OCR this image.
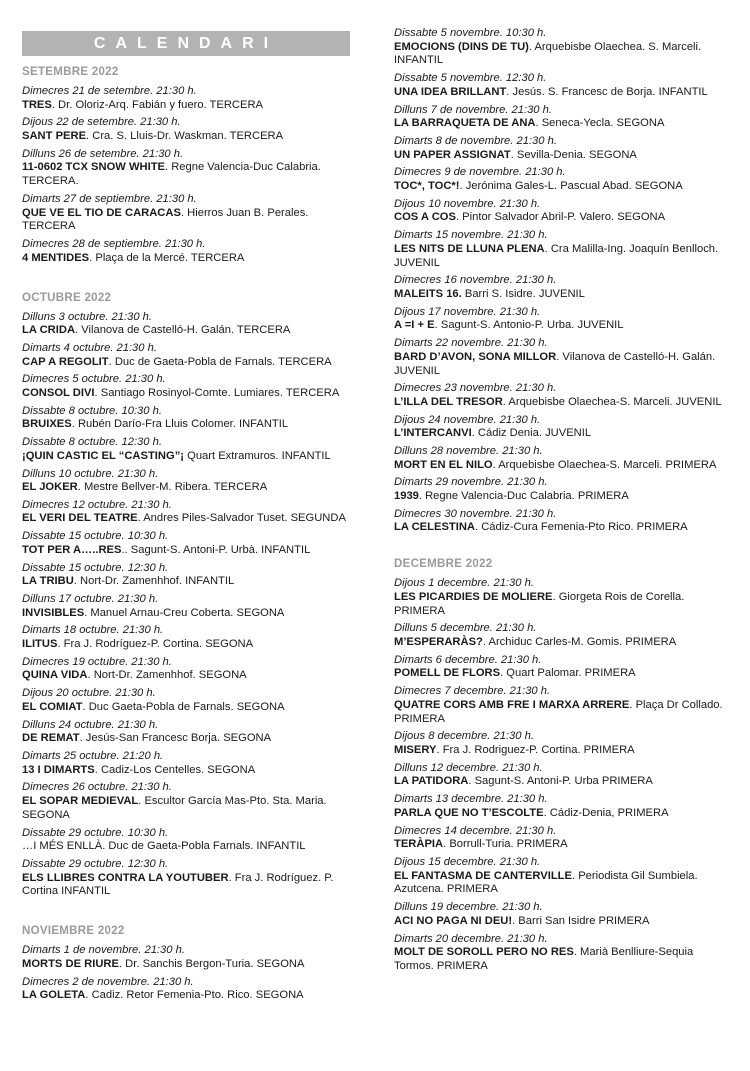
CALENDARI
SETEMBRE 2022
Dimecres 21 de setembre. 21:30 h.
TRES. Dr. Oloriz-Arq. Fabián y fuero. TERCERA
Dijous 22 de setembre. 21:30 h.
SANT PERE. Cra. S. Lluis-Dr. Waskman. TERCERA
Dilluns 26 de setembre. 21:30 h.
11-0602 TCX SNOW WHITE. Regne Valencia-Duc Calabria. TERCERA.
Dimarts 27 de septiembre. 21:30 h.
QUE VE EL TIO DE CARACAS. Hierros Juan B. Perales. TERCERA
Dimecres 28 de septiembre. 21:30 h.
4 MENTIDES. Plaça de la Mercé. TERCERA
OCTUBRE 2022
Dilluns 3 octubre. 21:30 h.
LA CRIDA. Vilanova de Castelló-H. Galán. TERCERA
Dimarts 4 octubre. 21:30 h.
CAP A REGOLIT. Duc de Gaeta-Pobla de Farnals. TERCERA
Dimecres 5 octubre. 21:30 h.
CONSOL DIVI. Santiago Rosinyol-Comte. Lumiares. TERCERA
Dissabte 8 octubre. 10:30 h.
BRUIXES. Rubén Darío-Fra Lluis Colomer. INFANTIL
Dissabte 8 octubre. 12:30 h.
¡QUIN CASTIC EL “CASTING”¡ Quart Extramuros. INFANTIL
Dilluns 10 octubre. 21:30 h.
EL JOKER. Mestre Bellver-M. Ribera. TERCERA
Dimecres 12 octubre. 21:30 h.
EL VERI DEL TEATRE. Andres Piles-Salvador Tuset. SEGUNDA
Dissabte 15 octubre. 10:30 h.
TOT PER A…..RES.. Sagunt-S. Antoni-P. Urbà. INFANTIL
Dissabte 15 octubre. 12:30 h.
LA TRIBU. Nort-Dr. Zamenhhof. INFANTIL
Dilluns 17 octubre. 21:30 h.
INVISIBLES. Manuel Arnau-Creu Coberta. SEGONA
Dimarts 18 octubre. 21:30 h.
ILITUS. Fra J. Rodríguez-P. Cortina. SEGONA
Dimecres 19 octubre. 21:30 h.
QUINA VIDA. Nort-Dr. Zamenhhof. SEGONA
Dijous 20 octubre. 21:30 h.
EL COMIAT. Duc Gaeta-Pobla de Farnals. SEGONA
Dilluns 24 octubre. 21:30 h.
DE REMAT. Jesús-San Francesc Borja. SEGONA
Dimarts 25 octubre. 21:20 h.
13 I DIMARTS. Cadiz-Los Centelles. SEGONA
Dimecres 26 octubre. 21:30 h.
EL SOPAR MEDIEVAL. Escultor García Mas-Pto. Sta. Maria. SEGONA
Dissabte 29 octubre. 10:30 h.
…I MÉS ENLLÀ. Duc de Gaeta-Pobla Farnals. INFANTIL
Dissabte 29 octubre. 12:30 h.
ELS LLIBRES CONTRA LA YOUTUBER. Fra J. Rodríguez. P. Cortina INFANTIL
NOVIEMBRE 2022
Dimarts 1 de novembre. 21:30 h.
MORTS DE RIURE. Dr. Sanchis Bergon-Turia. SEGONA
Dimecres 2 de novembre. 21:30 h.
LA GOLETA. Cadiz. Retor Femenia-Pto. Rico. SEGONA
Dissabte 5 novembre. 10:30 h.
EMOCIONS (DINS DE TU). Arquebisbe Olaechea. S. Marceli. INFANTIL
Dissabte 5 novembre. 12:30 h.
UNA IDEA BRILLANT. Jesús. S. Francesc de Borja. INFANTIL
Dilluns 7 de novembre. 21:30 h.
LA BARRAQUETA DE ANA. Seneca-Yecla. SEGONA
Dimarts 8 de novembre. 21:30 h.
UN PAPER ASSIGNAT. Sevilla-Denia. SEGONA
Dimecres 9 de novembre. 21:30 h.
TOC*, TOC*!. Jerónima Gales-L. Pascual Abad. SEGONA
Dijous 10 novembre. 21:30 h.
COS A COS. Pintor Salvador Abril-P. Valero. SEGONA
Dimarts 15 novembre. 21:30 h.
LES NITS DE LLUNA PLENA. Cra Malilla-Ing. Joaquín Benlloch. JUVENIL
Dimecres 16 novembre. 21:30 h.
MALEITS 16. Barri S. Isidre. JUVENIL
Dijous 17 novembre. 21:30 h.
A =I + E. Sagunt-S. Antonio-P. Urba. JUVENIL
Dimarts 22 novembre. 21:30 h.
BARD D’AVON, SONA MILLOR. Vilanova de Castelló-H. Galán. JUVENIL
Dimecres 23 novembre. 21:30 h.
L’ILLA DEL TRESOR. Arquebisbe Olaechea-S. Marceli. JUVENIL
Dijous 24 novembre. 21:30 h.
L’INTERCANVI. Cádiz Denia. JUVENIL
Dilluns 28 novembre. 21:30 h.
MORT EN EL NILO. Arquebisbe Olaechea-S. Marceli. PRIMERA
Dimarts 29 novembre. 21:30 h.
1939. Regne Valencia-Duc Calabria. PRIMERA
Dimecres 30 novembre. 21:30 h.
LA CELESTINA. Cádiz-Cura Femenia-Pto Rico. PRIMERA
DECEMBRE 2022
Dijous 1 decembre. 21:30 h.
LES PICARDIES DE MOLIERE. Giorgeta Rois de Corella. PRIMERA
Dilluns 5 decembre. 21:30 h.
M’ESPERARÀS?. Archiduc Carles-M. Gomis. PRIMERA
Dimarts 6 decembre. 21:30 h.
POMELL DE FLORS. Quart Palomar. PRIMERA
Dimecres 7 decembre. 21:30 h.
QUATRE CORS AMB FRE I MARXA ARRERE. Plaça Dr Collado. PRIMERA
Dijous 8 decembre. 21:30 h.
MISERY. Fra J. Rodriguez-P. Cortina. PRIMERA
Dilluns 12 decembre. 21:30 h.
LA PATIDORA. Sagunt-S. Antoni-P. Urba PRIMERA
Dimarts 13 decembre. 21:30 h.
PARLA QUE NO T’ESCOLTE. Cádiz-Denia, PRIMERA
Dimecres 14 decembre. 21:30 h.
TERÀPIA. Borrull-Turia. PRIMERA
Dijous 15 decembre. 21:30 h.
EL FANTASMA DE CANTERVILLE. Periodista Gil Sumbiela. Azutcena. PRIMERA
Dilluns 19 decembre. 21:30 h.
ACI NO PAGA NI DEU!. Barri San Isidre PRIMERA
Dimarts 20 decembre. 21:30 h.
MOLT DE SOROLL PERO NO RES. Marià Benlliure-Sequia Tormos. PRIMERA
